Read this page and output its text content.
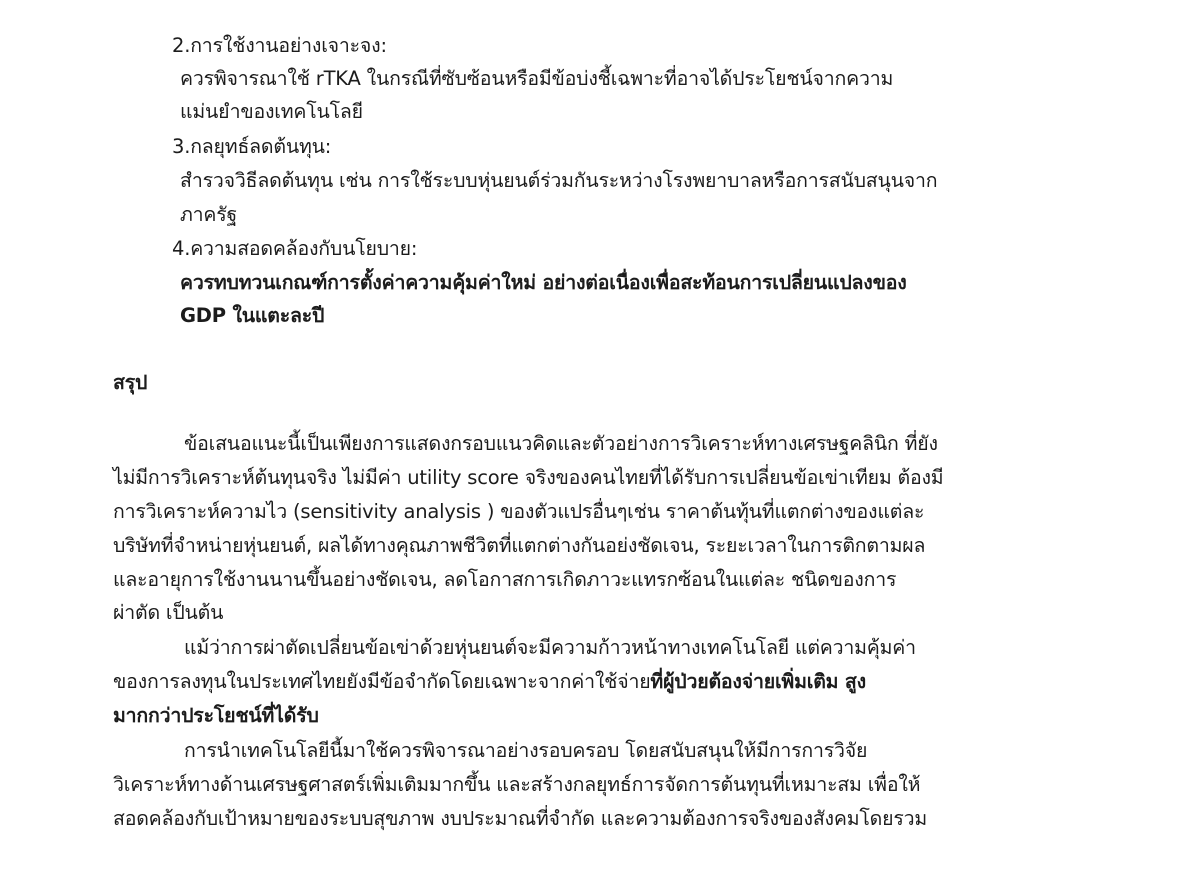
2.การใช้งานอย่างเจาะจง:
ควรพิจารณาใช้ rTKA ในกรณีที่ซับซ้อนหรือมีข้อบ่งชี้เฉพาะที่อาจได้ประโยชน์จากความ
แม่นยำของเทคโนโลยี
3.กลยุทธ์ลดต้นทุน:
สำรวจวิธีลดต้นทุน เช่น การใช้ระบบหุ่นยนต์ร่วมกันระหว่างโรงพยาบาลหรือการสนับสนุนจาก
ภาครัฐ
4.ความสอดคล้องกับนโยบาย:
ควรทบทวนเกณฑ์การตั้งค่าความคุ้มค่าใหม่ อย่างต่อเนื่องเพื่อสะท้อนการเปลี่ยนแปลงของ
GDP ในแตะละปี
สรุป
ข้อเสนอแนะนี้เป็นเพียงการแสดงกรอบแนวคิดและตัวอย่างการวิเคราะห์ทางเศรษฐคลินิก ที่ยัง
ไม่มีการวิเคราะห์ต้นทุนจริง ไม่มีค่า utility score จริงของคนไทยที่ได้รับการเปลี่ยนข้อเข่าเทียม ต้องมี
การวิเคราะห์ความไว (sensitivity analysis ) ของตัวแปรอื่นๆเช่น ราคาต้นทุ้นที่แตกต่างของแต่ละ
บริษัทที่จำหน่ายหุ่นยนต์, ผลได้ทางคุณภาพชีวิตที่แตกต่างกันอย่งชัดเจน, ระยะเวลาในการติกตามผล
และอายุการใช้งานนานขึ้นอย่างชัดเจน, ลดโอกาสการเกิดภาวะแทรกซ้อนในแต่ละ ชนิดของการ
ผ่าตัด เป็นต้น
แม้ว่าการผ่าตัดเปลี่ยนข้อเข่าด้วยหุ่นยนต์จะมีความก้าวหน้าทางเทคโนโลยี แต่ความคุ้มค่า
ของการลงทุนในประเทศไทยยังมีข้อจำกัดโดยเฉพาะจากค่าใช้จ่ายที่ผู้ป่วยต้องจ่ายเพิ่มเติม สูง
มากกว่าประโยชน์ที่ได้รับ
การนำเทคโนโลยีนี้มาใช้ควรพิจารณาอย่างรอบครอบ โดยสนับสนุนให้มีการการวิจัย
วิเคราะห์ทางด้านเศรษฐศาสตร์เพิ่มเติมมากขึ้น และสร้างกลยุทธ์การจัดการต้นทุนที่เหมาะสม เพื่อให้
สอดคล้องกับเป้าหมายของระบบสุขภาพ งบประมาณที่จำกัด และความต้องการจริงของสังคมโดยรวม
